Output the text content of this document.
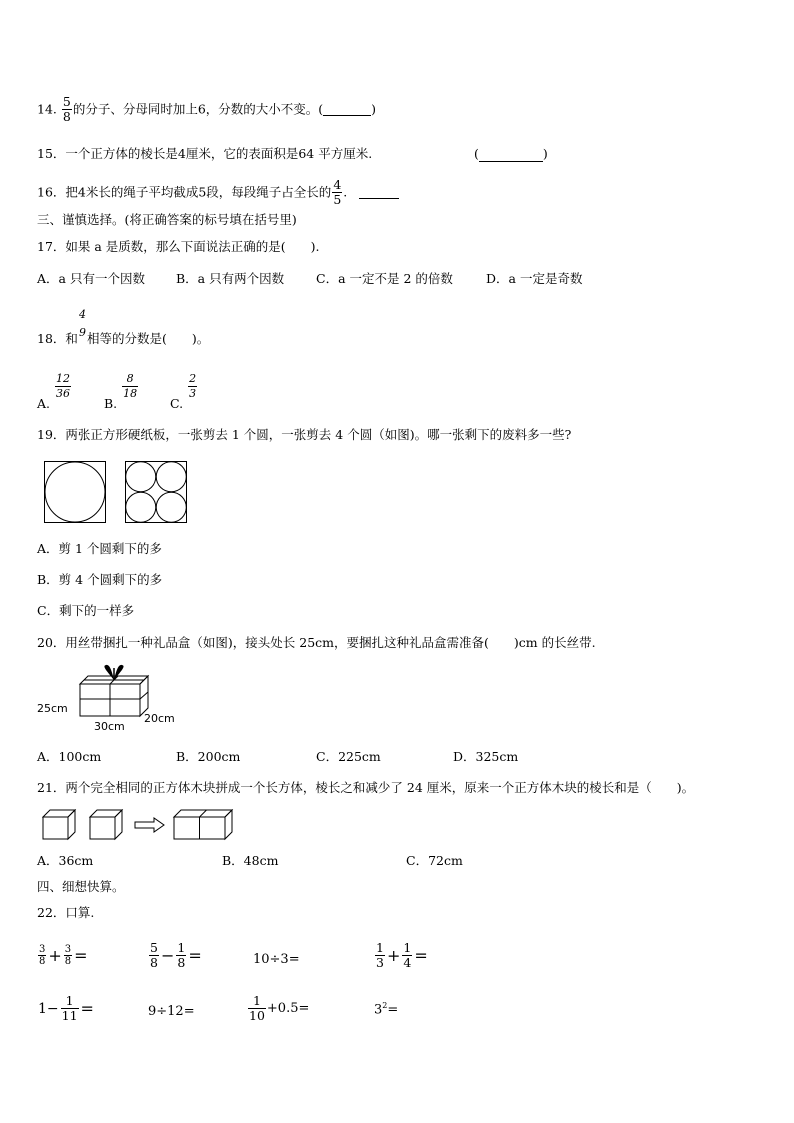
14. $\frac{5}{8}$ 的分子、分母同时加上6，分数的大小不变。(	)
15．一个正方体的棱长是4厘米，它的表面积是64 平方厘米.	(	)
16．把4米长的绳子平均截成5段，每段绳子占全长的 $\frac{4}{5}$ .
三、谨慎选择。(将正确答案的标号填在括号里)
17．如果 a 是质数，那么下面说法正确的是(　　).
A．a 只有一个因数 B．a 只有两个因数	C．a 一定不是 2 的倍数	D．a 一定是奇数
18．和
4
9 相等的分数是(　　)。
A.
$\frac{12}{36}$
B.
$\frac{8}{18}$
C.
$\frac{2}{3}$
19．两张正方形硬纸板，一张剪去 1 个圆，一张剪去 4 个圆（如图)。哪一张剩下的废料多一些?
A．剪 1 个圆剩下的多
B．剪 4 个圆剩下的多
C．剩下的一样多
20．用丝带捆扎一种礼品盒（如图)，接头处长 25cm，要捆扎这种礼品盒需准备(　　)cm 的长丝带.
25cm
30cm
20cm
A．100cm	B．200cm	C．225cm	D．325cm
21．两个完全相同的正方体木块拼成一个长方体，棱长之和减少了 24 厘米，原来一个正方体木块的棱长和是（　　)。
A．36cm	B．48cm	C．72cm
四、细想快算。
22．口算.
$\frac{3}{8} + \frac{3}{8}$ =	$\frac{5}{8} - \frac{1}{8}$ =	10÷3=	$\frac{1}{3} + \frac{1}{4}$ =
$1- \frac{1}{11}$ =	9÷12=	$\frac{1}{10} +0.5=$	$3^2=$
